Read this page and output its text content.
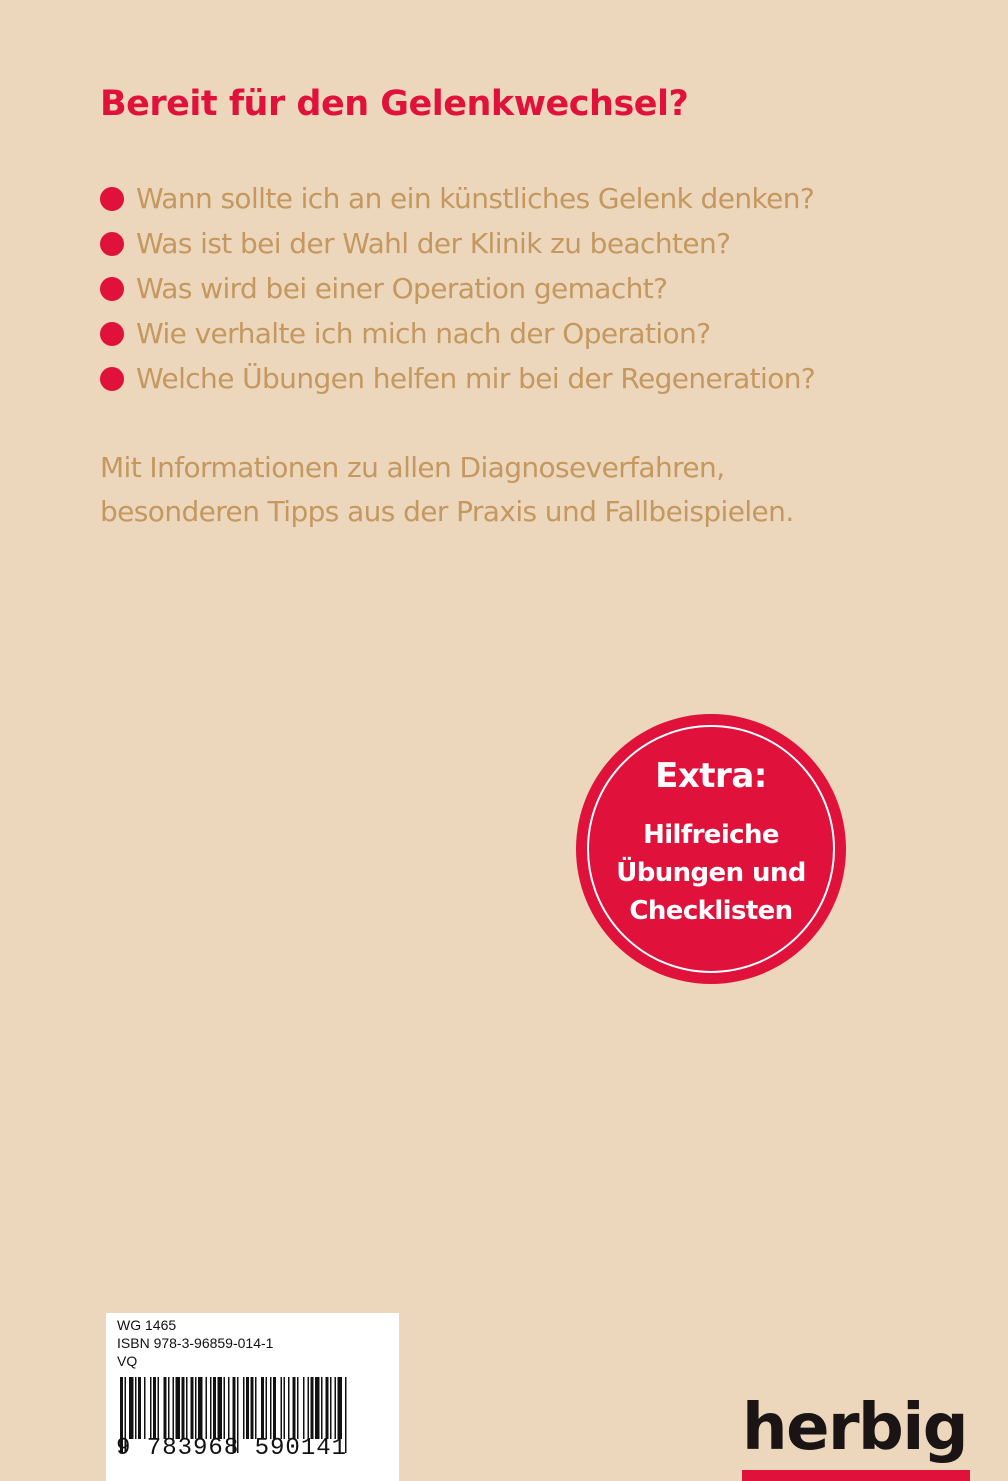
Bereit für den Gelenkwechsel?
Wann sollte ich an ein künstliches Gelenk denken?
Was ist bei der Wahl der Klinik zu beachten?
Was wird bei einer Operation gemacht?
Wie verhalte ich mich nach der Operation?
Welche Übungen helfen mir bei der Regeneration?

Mit Informationen zu allen Diagnoseverfahren,
besonderen Tipps aus der Praxis und Fallbeispielen.

Extra:
Hilfreiche
Übungen und
Checklisten
WG 1465
ISBN 978-3-96859-014-1
VQ
9 783968 590141	herbig
